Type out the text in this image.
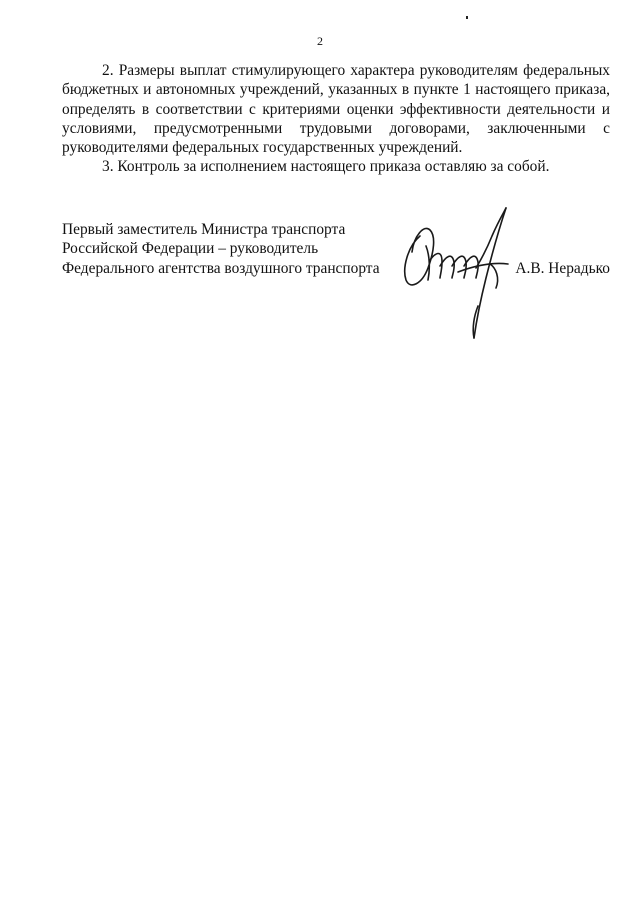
2

2. Размеры выплат стимулирующего характера руководителям федеральных бюджетных и автономных учреждений, указанных в пункте 1 настоящего приказа, определять в соответствии с критериями оценки эффективности деятельности и условиями, предусмотренными трудовыми договорами, заключенными с руководителями федеральных государственных учреждений.

3. Контроль за исполнением настоящего приказа оставляю за собой.

Первый заместитель Министра транспорта
Российской Федерации – руководитель
Федерального агентства воздушного транспорта	А.В. Нерадько
